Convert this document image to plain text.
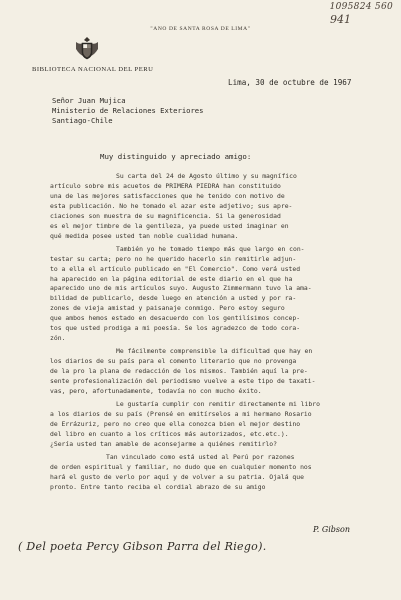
1095824 560
941
"ANO DE SANTA ROSA DE LIMA"
BIBLIOTECA NACIONAL DEL PERU
Lima, 30 de octubre de 1967
Señor Juan Mujica
Ministerio de Relaciones Exteriores
Santiago-Chile
Muy distinguido y apreciado amigo:
Su carta del 24 de Agosto último y su magnífico
artículo sobre mis acuetos de PRIMERA PIEDRA han constituido
una de las mejores satisfacciones que he tenido con motivo de
esta publicación. No he tomado el azar este adjetivo; sus apre-
ciaciones son muestra de su magnificencia. Si la generosidad
es el mejor timbre de la gentileza, ya puede usted imaginar en
qué medida posee usted tan noble cualidad humana.
También yo he tomado tiempo más que largo en con-
testar su carta; pero no he querido hacerlo sin remitirle adjun-
to a ella el artículo publicado en "El Comercio". Como verá usted
ha aparecido en la página editorial de este diario en el que ha
aparecido uno de mis artículos suyo. Augusto Zimmermann tuvo la ama-
bilidad de publicarlo, desde luego en atención a usted y por ra-
zones de vieja amistad y paisanaje conmigo. Pero estoy seguro
que ambos hemos estado en desacuerdo con los gentilísimos concep-
tos que usted prodiga a mi poesía. Se los agradezco de todo cora-
zón.
Me fácilmente comprensible la dificultad que hay en
los diarios de su país para el comento literario que no provenga
de la pro la plana de redacción de los mismos. También aquí la pre-
sente profesionalización del periodismo vuelve a este tipo de taxati-
vas, pero, afortunadamente, todavía no con mucho éxito.
Le gustaría cumplir con remitir directamente mi libro
a los diarios de su país (Prensé en emitírselos a mi hermano Rosario
de Errázuriz, pero no creo que ella conozca bien el mejor destino
del libro en cuanto a los críticos más autorizados, etc.etc.).
¿Sería usted tan amable de aconsejarme a quiénes remitirlo?
Tan vinculado como está usted al Perú por razones
de orden espiritual y familiar, no dudo que en cualquier momento nos
hará el gusto de verlo por aquí y de volver a su patria. Ojalá que
pronto. Entre tanto reciba el cordial abrazo de su amigo
P. Gibson
( Del poeta Percy Gibson Parra del Riego).
